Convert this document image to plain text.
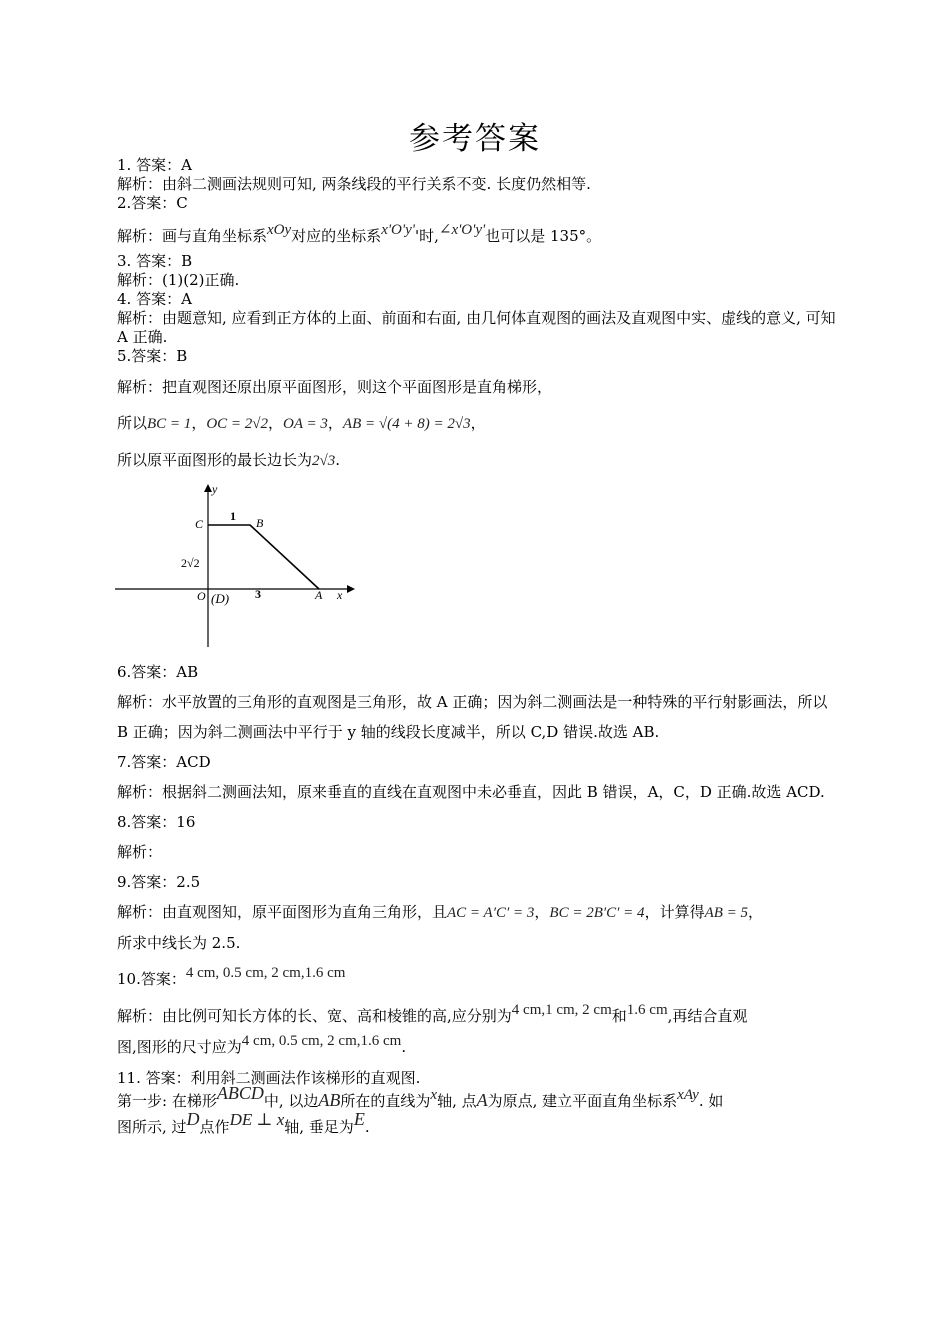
参考答案
1. 答案：A
解析：由斜二测画法规则可知, 两条线段的平行关系不变. 长度仍然相等.
2.答案：C
解析：画与直角坐标系xOy对应的坐标系x'O'y''时,∠x'O'y'也可以是 135°。
3. 答案：B
解析：(1)(2)正确.
4. 答案：A
解析：由题意知, 应看到正方体的上面、前面和右面, 由几何体直观图的画法及直观图中实、虚线的意义, 可知 A 正确.
5.答案：B
解析：把直观图还原出原平面图形，则这个平面图形是直角梯形，
所以BC = 1，OC = 2√2，OA = 3，AB = √(4 + 8) = 2√3，
所以原平面图形的最长边长为2√3.
y
C
1 B
2√2
O (D) 3	A x
6.答案：AB
解析：水平放置的三角形的直观图是三角形，故 A 正确；因为斜二测画法是一种特殊的平行射影画法，所以 B 正确；因为斜二测画法中平行于 y 轴的线段长度减半，所以 C,D 错误.故选 AB.
7.答案：ACD
解析：根据斜二测画法知，原来垂直的直线在直观图中未必垂直，因此 B 错误，A，C，D 正确.故选 ACD.
8.答案：16
解析：
9.答案：2.5
解析：由直观图知，原平面图形为直角三角形，且AC = A′C′ = 3，BC = 2B′C′ = 4，计算得AB = 5，
所求中线长为 2.5.
10.答案：4 cm, 0.5 cm, 2 cm,1.6 cm
解析：由比例可知长方体的长、宽、高和棱锥的高,应分别为4 cm,1 cm, 2 cm和1.6 cm,再结合直观
图,图形的尺寸应为4 cm, 0.5 cm, 2 cm,1.6 cm.
11. 答案：利用斜二测画法作该梯形的直观图.
第一步: 在梯形ABCD中, 以边AB所在的直线为x轴, 点A为原点, 建立平面直角坐标系xAy. 如
图所示, 过D点作DE ⊥ x轴, 垂足为E.
